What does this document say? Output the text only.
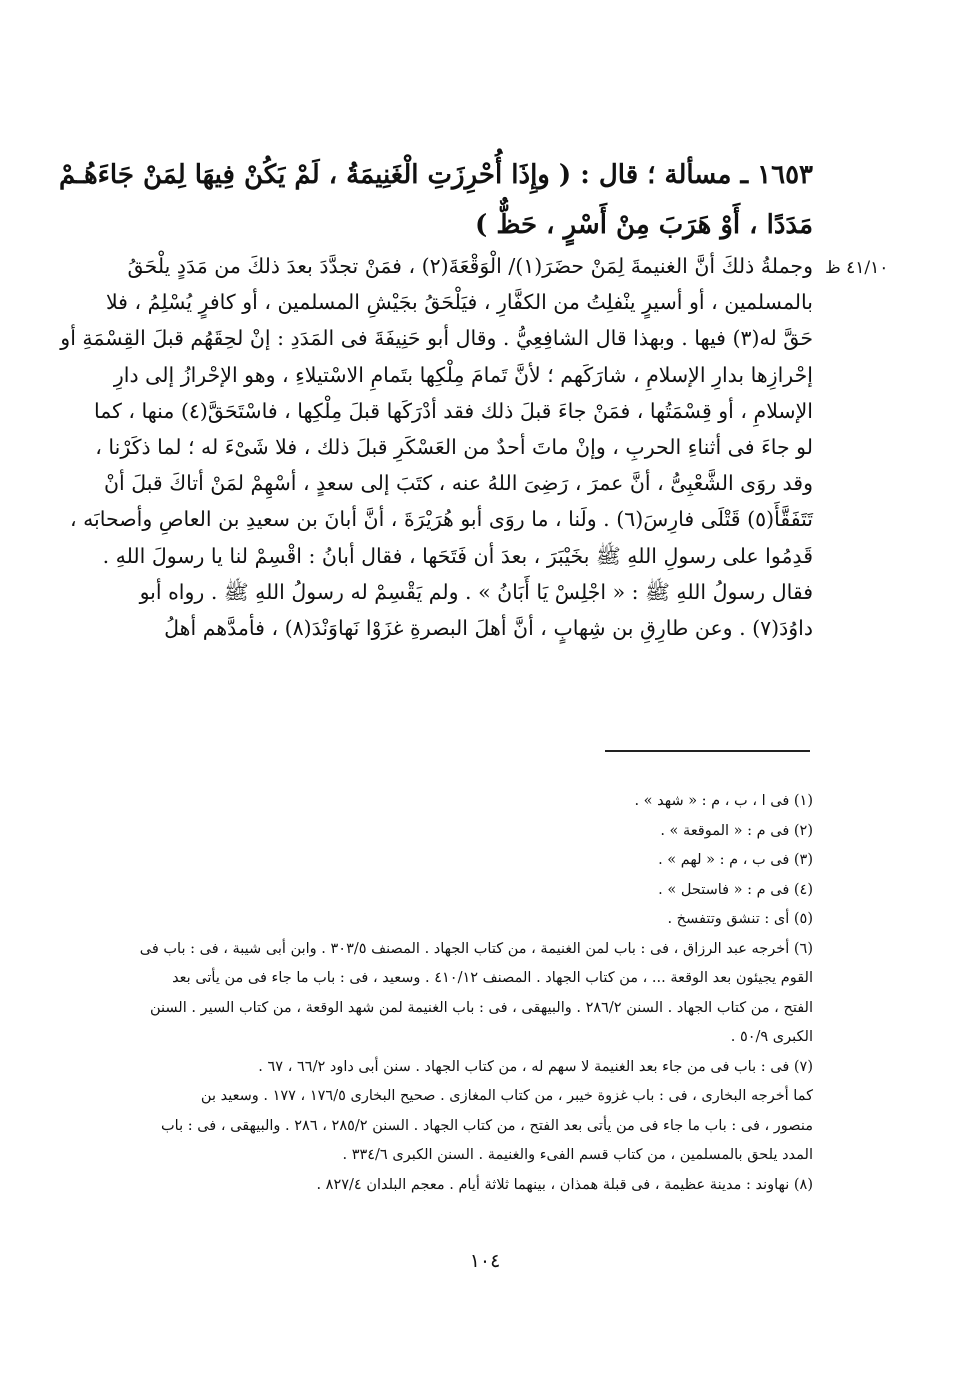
١٦٥٣ ـ مسألة ؛ قال : ( وإِذَا أُحْرِزَتِ الْغَنِيمَةُ ، لَمْ يَكُنْ فِيهَا لِمَنْ جَاءَهُـمْ
مَدَدًا ، أَوْ هَرَبَ مِنْ أَسْرٍ ، حَظٌّ )
٤١/١٠ ظ
وجملةُ ذلكَ أنَّ الغنيمةَ لِمَنْ حضَرَ(١)/ الْوَقْعَةَ(٢) ، فمَنْ تجدَّدَ بعدَ ذلكَ من مَدَدٍ يلْحَقُ
بالمسلمين ، أو أسيرٍ ينْفلِتُ من الكفَّارِ ، فيَلْحَقُ بجَيْشِ المسلمين ، أو كافرٍ يُسْلِمُ ، فلا
حَقَّ له(٣) فيها . وبهذا قال الشافِعِيُّ . وقال أبو حَنِيفَةَ فى المَدَدِ : إنْ لحِقَهُم قبلَ القِسْمَةِ أو
إحْرازِها بدارِ الإسلامِ ، شارَكَهم ؛ لأنَّ تَمامَ مِلْكِها بتَمامِ الاسْتيلاءِ ، وهو الإحْرازُ إلى دارِ
الإسلامِ ، أو قِسْمَتُها ، فمَنْ جاءَ قبلَ ذلك فقد أدْرَكَها قبلَ مِلْكِها ، فاسْتَحَقَّ(٤) منها ، كما
لو جاءَ فى أثناءِ الحربِ ، وإنْ ماتَ أحدٌ من العَسْكَرِ قبلَ ذلك ، فلا شَىْءَ له ؛ لما ذكَرْنا ،
وقد روَى الشَّعْبِىُّ ، أنَّ عمرَ ، رَضِىَ اللهُ عنه ، كتَبَ إلى سعدٍ ، أسْهِمْ لمَنْ أتاكَ قبلَ أنْ
تَتَفَقَّأَ(٥) قَتْلَى فارِسَ(٦) . ولَنا ، ما روَى أبو هُرَيْرَةَ ، أنَّ أبانَ بن سعيدِ بن العاصِ وأصحابَه ،
قَدِمُوا على رسولِ اللهِ ﷺ بخَيْبَرَ ، بعدَ أن فَتَحَها ، فقال أبانُ : اقْسِمْ لنا يا رسولَ اللهِ .
فقال رسولُ اللهِ ﷺ : « اجْلِسْ يَا أَبَانُ » . ولم يَقْسِمْ له رسولُ اللهِ ﷺ . رواه أبو
داوُدَ(٧) . وعن طارِقِ بن شِهابٍ ، أنَّ أهلَ البصرةِ غزَوْا نَهاوَنْدَ(٨) ، فأمدَّهم أهلُ
(١) فى ا ، ب ، م : « شهد » .
(٢) فى م : « الموقعة » .
(٣) فى ب ، م : « لهم » .
(٤) فى م : « فاستحل » .
(٥) أى : تنشق وتتفسخ .
(٦) أخرجه عبد الرزاق ، فى : باب لمن الغنيمة ، من كتاب الجهاد . المصنف ٣٠٣/٥ . وابن أبى شيبة ، فى : باب فى
القوم يجيئون بعد الوقعة ... ، من كتاب الجهاد . المصنف ٤١٠/١٢ . وسعيد ، فى : باب ما جاء فى من يأتى بعد
الفتح ، من كتاب الجهاد . السنن ٢٨٦/٢ . والبيهقى ، فى : باب الغنيمة لمن شهد الوقعة ، من كتاب السير . السنن
الكبرى ٥٠/٩ .
(٧) فى : باب فى من جاء بعد الغنيمة لا سهم له ، من كتاب الجهاد . سنن أبى داود ٦٦/٢ ، ٦٧ .
كما أخرجه البخارى ، فى : باب غزوة خيبر ، من كتاب المغازى . صحيح البخارى ١٧٦/٥ ، ١٧٧ . وسعيد بن
منصور ، فى : باب ما جاء فى من يأتى بعد الفتح ، من كتاب الجهاد . السنن ٢٨٥/٢ ، ٢٨٦ . والبيهقى ، فى : باب
المدد يلحق بالمسلمين ، من كتاب قسم الفىء والغنيمة . السنن الكبرى ٣٣٤/٦ .
(٨) نهاوند : مدينة عظيمة ، فى قبلة همذان ، بينهما ثلاثة أيام . معجم البلدان ٨٢٧/٤ .
١٠٤
